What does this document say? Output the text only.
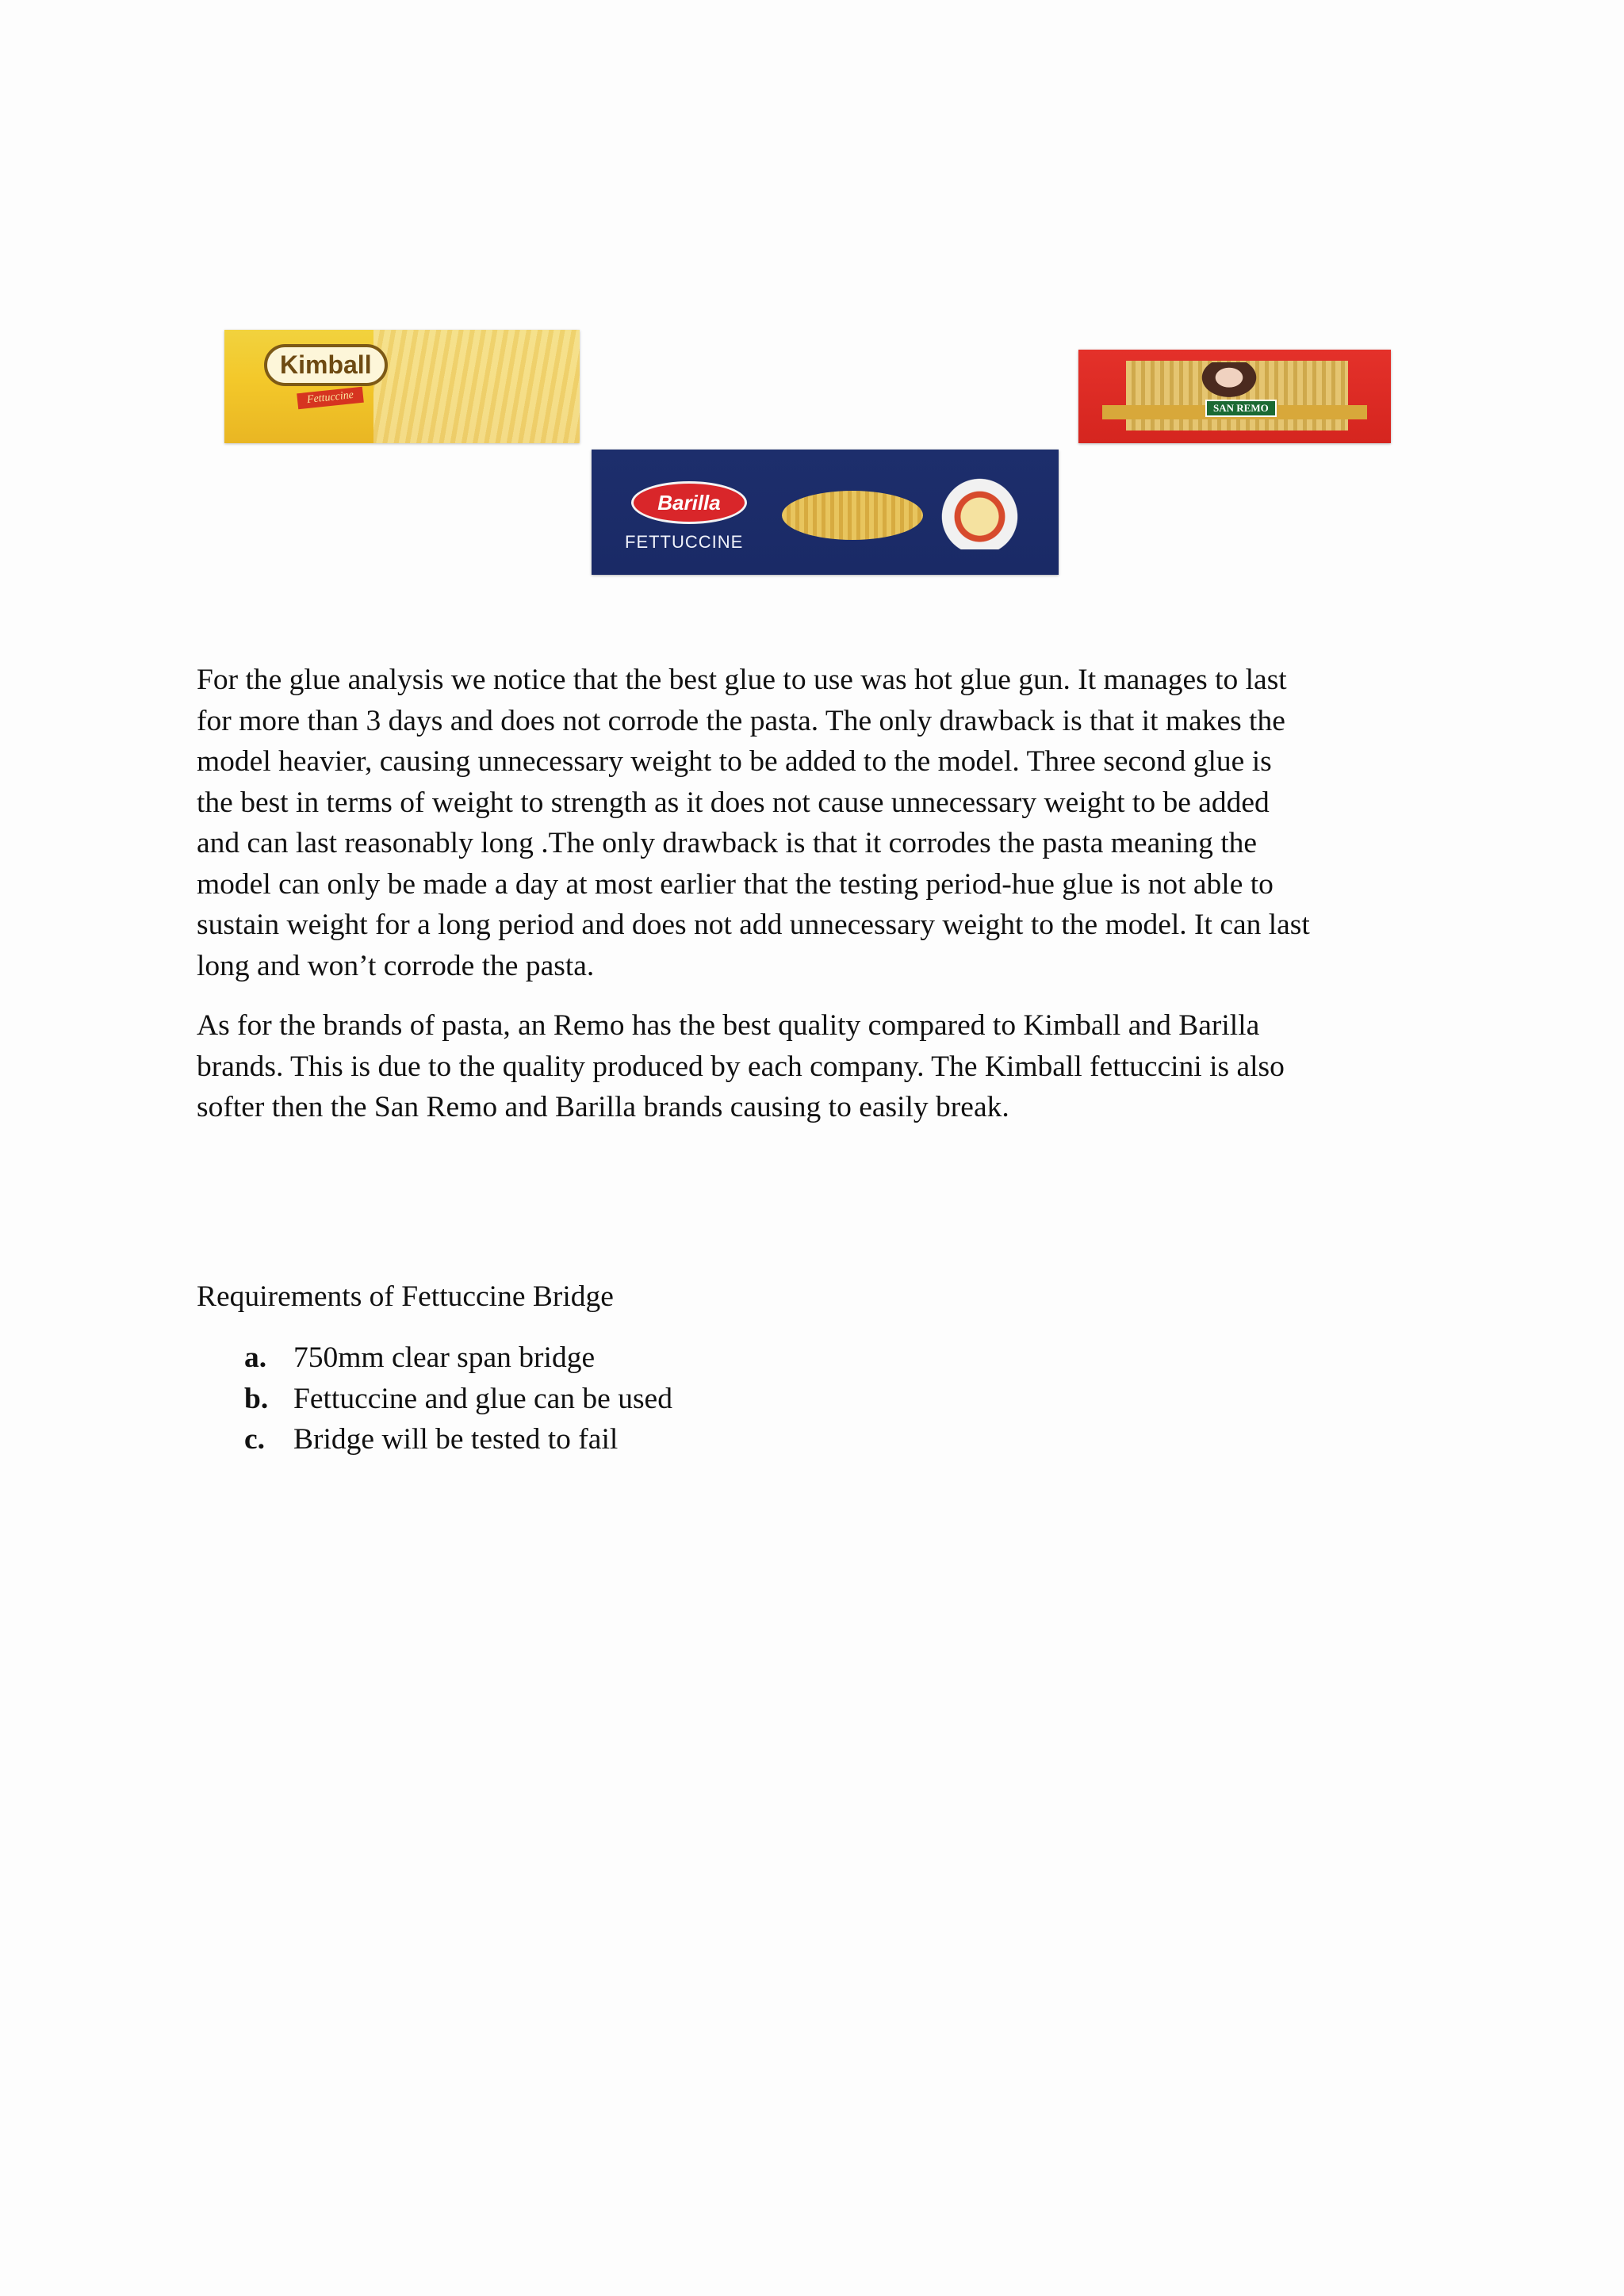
Kimball
Fettuccine
SAN REMO
Barilla
FETTUCCINE
For the glue analysis we notice that the best glue to use was hot glue gun. It manages to last
for more than 3 days and does not corrode the pasta. The only drawback is that it makes the
model heavier, causing unnecessary weight to be added to the model. Three second glue is
the best in terms of weight to strength as it does not cause unnecessary weight to be added
and can last reasonably long .The only drawback is that it corrodes the pasta meaning the
model can only be made a day at most earlier that the testing period-hue glue is not able to
sustain weight for a long period and does not add unnecessary weight to the model. It can last
long and won’t corrode the pasta.
As for the brands of pasta, an Remo has the best quality compared to Kimball and Barilla
brands. This is due to the quality produced by each company. The Kimball fettuccini is also
softer then the San Remo and Barilla brands causing to easily break.
Requirements of Fettuccine Bridge
a. 750mm clear span bridge
b. Fettuccine and glue can be used
c. Bridge will be tested to fail
